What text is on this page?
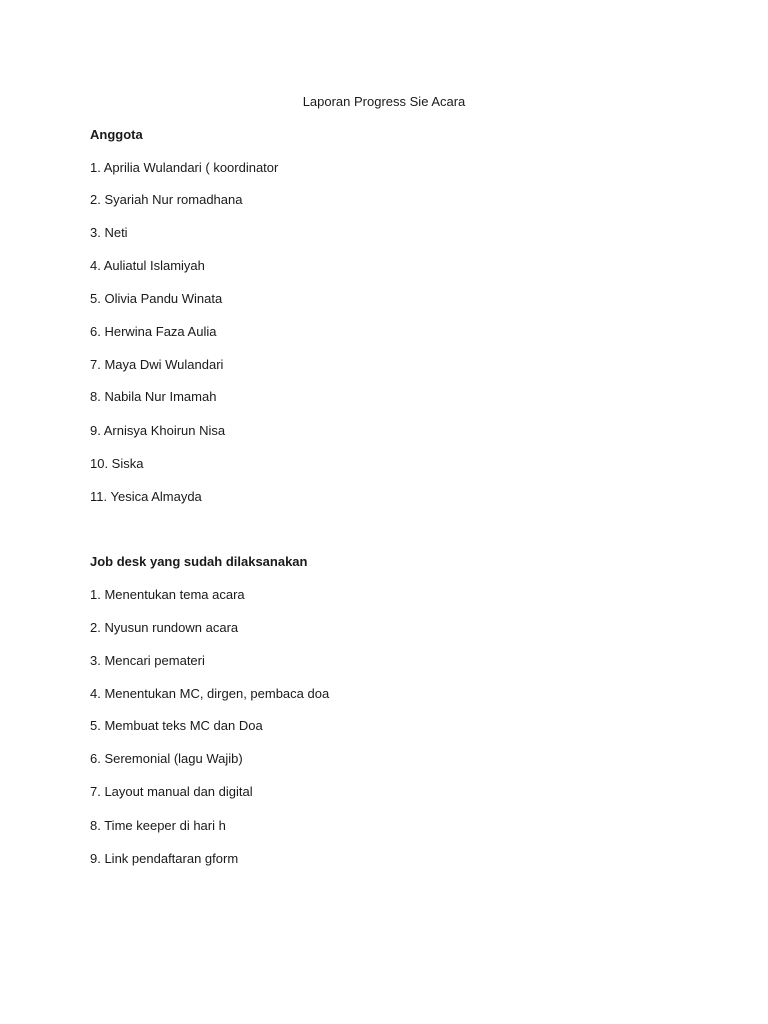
Laporan Progress Sie Acara
Anggota
1. Aprilia Wulandari ( koordinator
2. Syariah Nur romadhana
3. Neti
4. Auliatul Islamiyah
5. Olivia Pandu Winata
6. Herwina Faza Aulia
7. Maya Dwi Wulandari
8. Nabila Nur Imamah
9. Arnisya Khoirun Nisa
10. Siska
11. Yesica Almayda
Job desk yang sudah dilaksanakan
1. Menentukan tema acara
2. Nyusun rundown acara
3. Mencari pemateri
4. Menentukan MC, dirgen, pembaca doa
5. Membuat teks MC dan Doa
6. Seremonial (lagu Wajib)
7. Layout manual dan digital
8. Time keeper di hari h
9. Link pendaftaran gform
